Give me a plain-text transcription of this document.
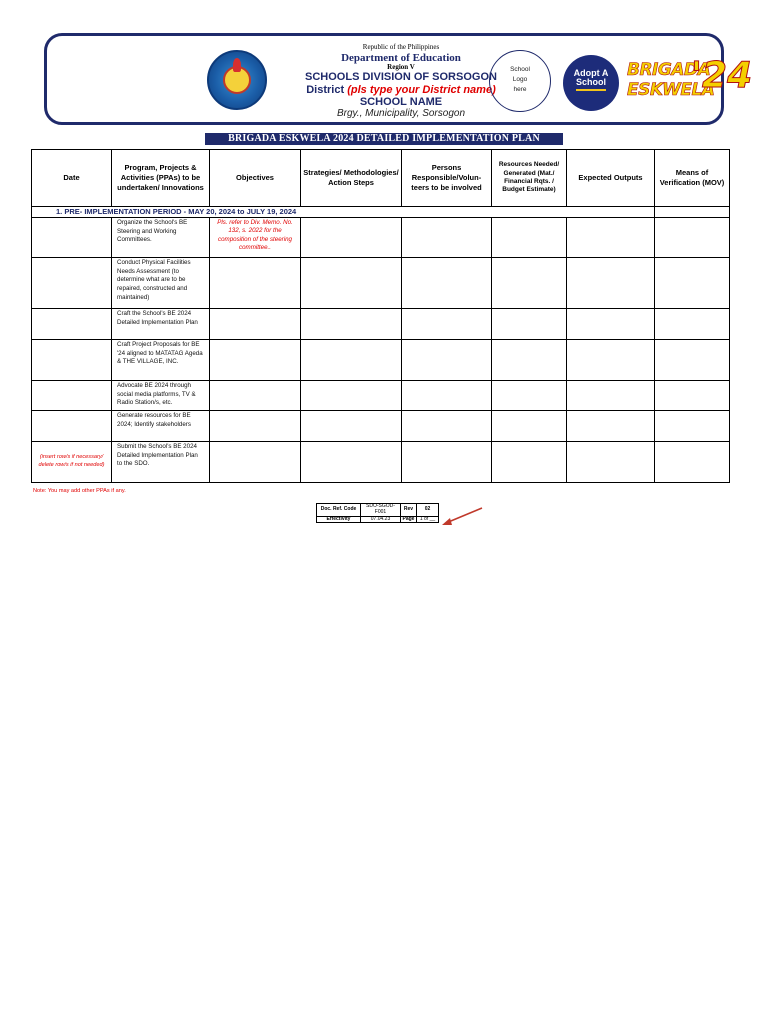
Republic of the Philippines
Department of Education
Region V
SCHOOLS DIVISION OF SORSOGON
District (pls type your District name)
SCHOOL NAME
Brgy., Municipality, Sorsogon
School
Logo
here
Adopt A
School
BRIGADA
ESKWELA
'24
BRIGADA ESKWELA 2024 DETAILED IMPLEMENTATION PLAN
Date	Program, Projects & Activities (PPAs) to be undertaken/ Innovations	Objectives	Strategies/ Methodologies/ Action Steps	Persons Responsible/Volun-teers to be involved	Resources Needed/ Generated (Mat./ Financial Rqts. / Budget Estimate)	Expected Outputs	Means of Verification (MOV)
1. PRE- IMPLEMENTATION PERIOD - MAY 20, 2024 to JULY 19, 2024							
	Organize the School's BE Steering and Working Committees.	Pls. refer to Div. Memo. No. 132, s. 2022 for the composition of the steering committee..					
	Conduct Physical Facilities Needs Assessment (to determine what are to be repaired, constructed and maintained)						
	Craft the School's BE 2024 Detailed Implementation Plan						
	Craft Project Proposals for BE '24 aligned to MATATAG Ageda & THE VILLAGE, INC.						
	Advocate BE 2024 through social media platforms, TV & Radio Station/s, etc.						
	Generate resources for BE 2024; Identify stakeholders						
(insert row/s if necessary/ delete row/s if not needed)	Submit the School's BE 2024 Detailed Implementation Plan to the SDO.						
Note: You may add other PPAs if any.
Doc. Ref. Code	SDO-SGOD-F001	Rev	02
Effectivity	07.04.23	Page	1 of __
